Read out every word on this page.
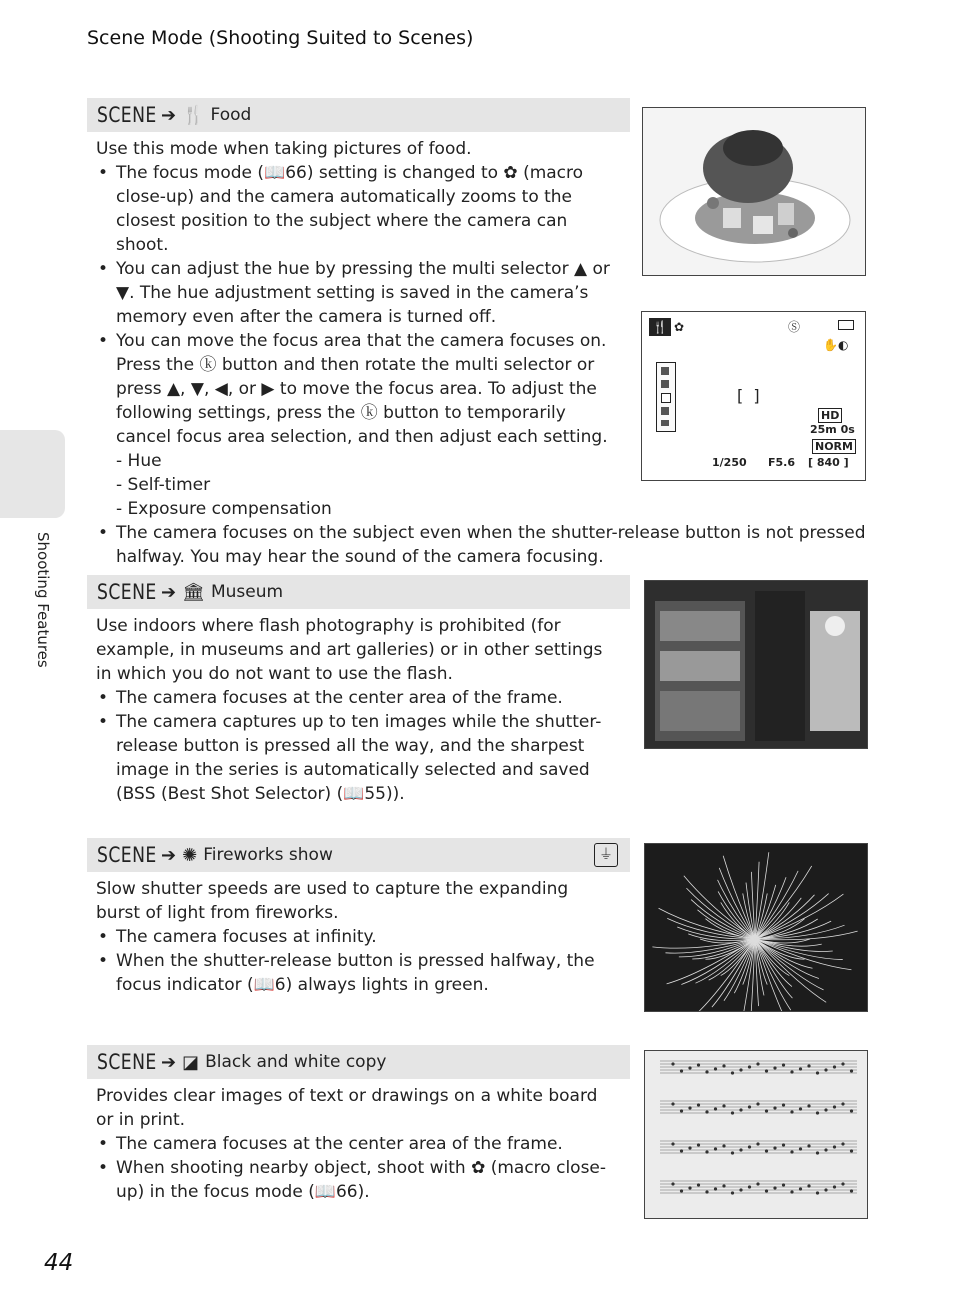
Scene Mode (Shooting Suited to Scenes)
Shooting Features
44
SCENE ➔ 🍴 Food
Use this mode when taking pictures of food.
• The focus mode (📖66) setting is changed to ✿ (macro close-up) and the camera automatically zooms to the closest position to the subject where the camera can shoot.
• You can adjust the hue by pressing the multi selector ▲ or ▼. The hue adjustment setting is saved in the camera’s memory even after the camera is turned off.
• You can move the focus area that the camera focuses on. Press the ⓚ button and then rotate the multi selector or press ▲, ▼, ◀, or ▶ to move the focus area. To adjust the following settings, press the ⓚ button to temporarily cancel focus area selection, and then adjust each setting.
- Hue
- Self-timer
- Exposure compensation
• The camera focuses on the subject even when the shutter-release button is not pressed halfway. You may hear the sound of the camera focusing.
🍴 ✿	Ⓢ
✋◐
[  ]
HD
25m 0s
NORM
1/250 F5.6 [ 840 ]
SCENE ➔ 🏛 Museum
Use indoors where flash photography is prohibited (for example, in museums and art galleries) or in other settings in which you do not want to use the flash.
• The camera focuses at the center area of the frame.
• The camera captures up to ten images while the shutter-release button is pressed all the way, and the sharpest image in the series is automatically selected and saved (BSS (Best Shot Selector) (📖55)).
SCENE ➔ ✺ Fireworks show	⏚
Slow shutter speeds are used to capture the expanding burst of light from fireworks.
• The camera focuses at infinity.
• When the shutter-release button is pressed halfway, the focus indicator (📖6) always lights in green.
SCENE ➔ ◪ Black and white copy
Provides clear images of text or drawings on a white board or in print.
• The camera focuses at the center area of the frame.
• When shooting nearby object, shoot with ✿ (macro close-up) in the focus mode (📖66).
